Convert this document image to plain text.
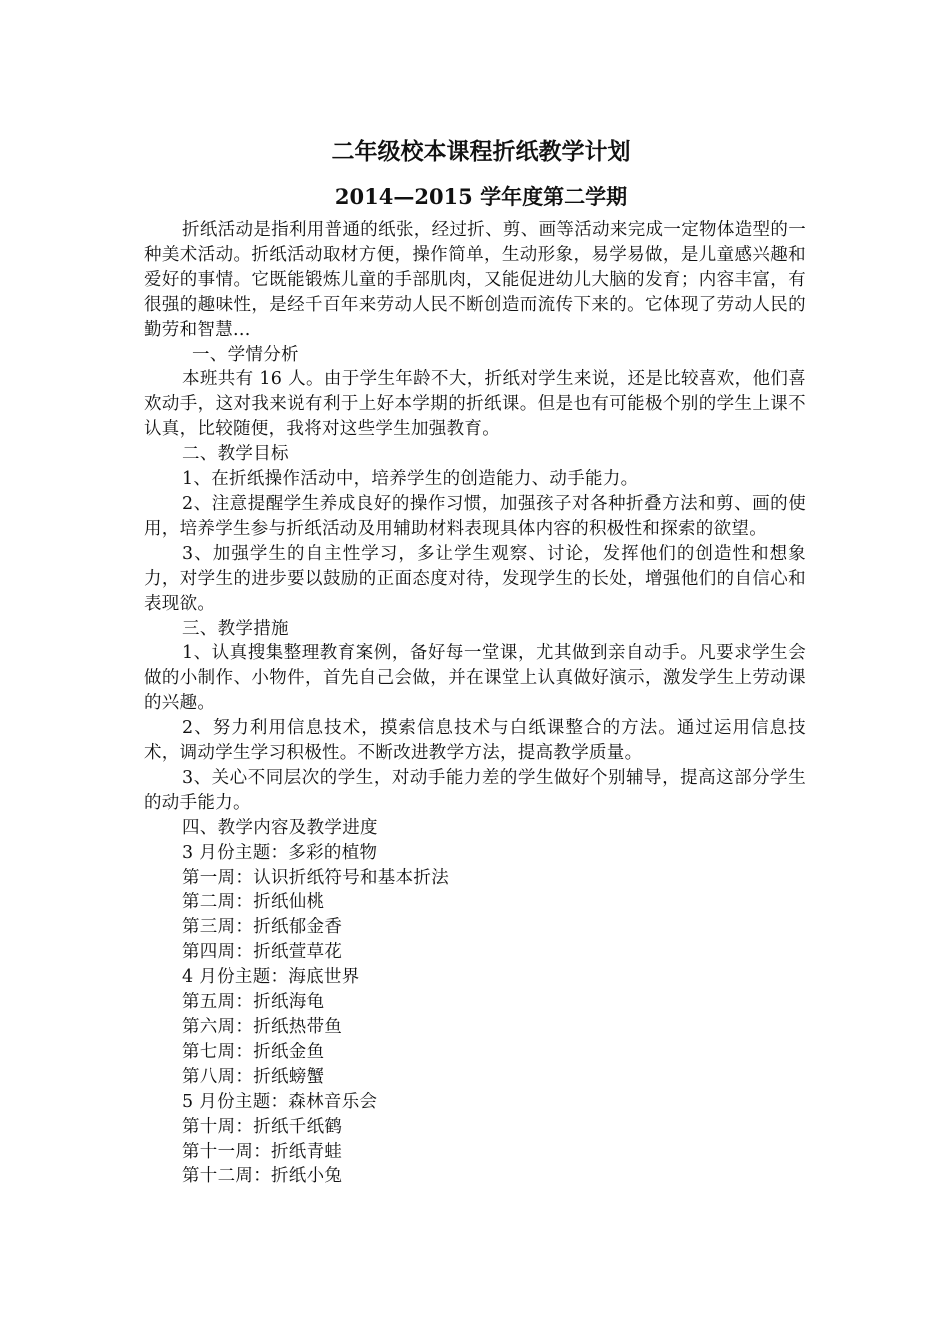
二年级校本课程折纸教学计划
2014—2015 学年度第二学期

折纸活动是指利用普通的纸张，经过折、剪、画等活动来完成一定物体造型的一种美术活动。折纸活动取材方便，操作简单，生动形象，易学易做，是儿童感兴趣和爱好的事情。它既能锻炼儿童的手部肌肉，又能促进幼儿大脑的发育；内容丰富，有很强的趣味性，是经千百年来劳动人民不断创造而流传下来的。它体现了劳动人民的勤劳和智慧...

一、学情分析

本班共有 16 人。由于学生年龄不大，折纸对学生来说，还是比较喜欢，他们喜欢动手，这对我来说有利于上好本学期的折纸课。但是也有可能极个别的学生上课不认真，比较随便，我将对这些学生加强教育。

二、教学目标

1、在折纸操作活动中，培养学生的创造能力、动手能力。

2、注意提醒学生养成良好的操作习惯，加强孩子对各种折叠方法和剪、画的使用，培养学生参与折纸活动及用辅助材料表现具体内容的积极性和探索的欲望。

3、加强学生的自主性学习，多让学生观察、讨论，发挥他们的创造性和想象力，对学生的进步要以鼓励的正面态度对待，发现学生的长处，增强他们的自信心和表现欲。

三、教学措施

1、认真搜集整理教育案例，备好每一堂课，尤其做到亲自动手。凡要求学生会做的小制作、小物件，首先自己会做，并在课堂上认真做好演示，激发学生上劳动课的兴趣。

2、努力利用信息技术，摸索信息技术与白纸课整合的方法。通过运用信息技术，调动学生学习积极性。不断改进教学方法，提高教学质量。

3、关心不同层次的学生，对动手能力差的学生做好个别辅导，提高这部分学生的动手能力。

四、教学内容及教学进度

3 月份主题：多彩的植物

第一周：认识折纸符号和基本折法

第二周：折纸仙桃

第三周：折纸郁金香

第四周：折纸萱草花

4 月份主题：海底世界

第五周：折纸海龟

第六周：折纸热带鱼

第七周：折纸金鱼

第八周：折纸螃蟹

5 月份主题：森林音乐会

第十周：折纸千纸鹤

第十一周：折纸青蛙

第十二周：折纸小兔
